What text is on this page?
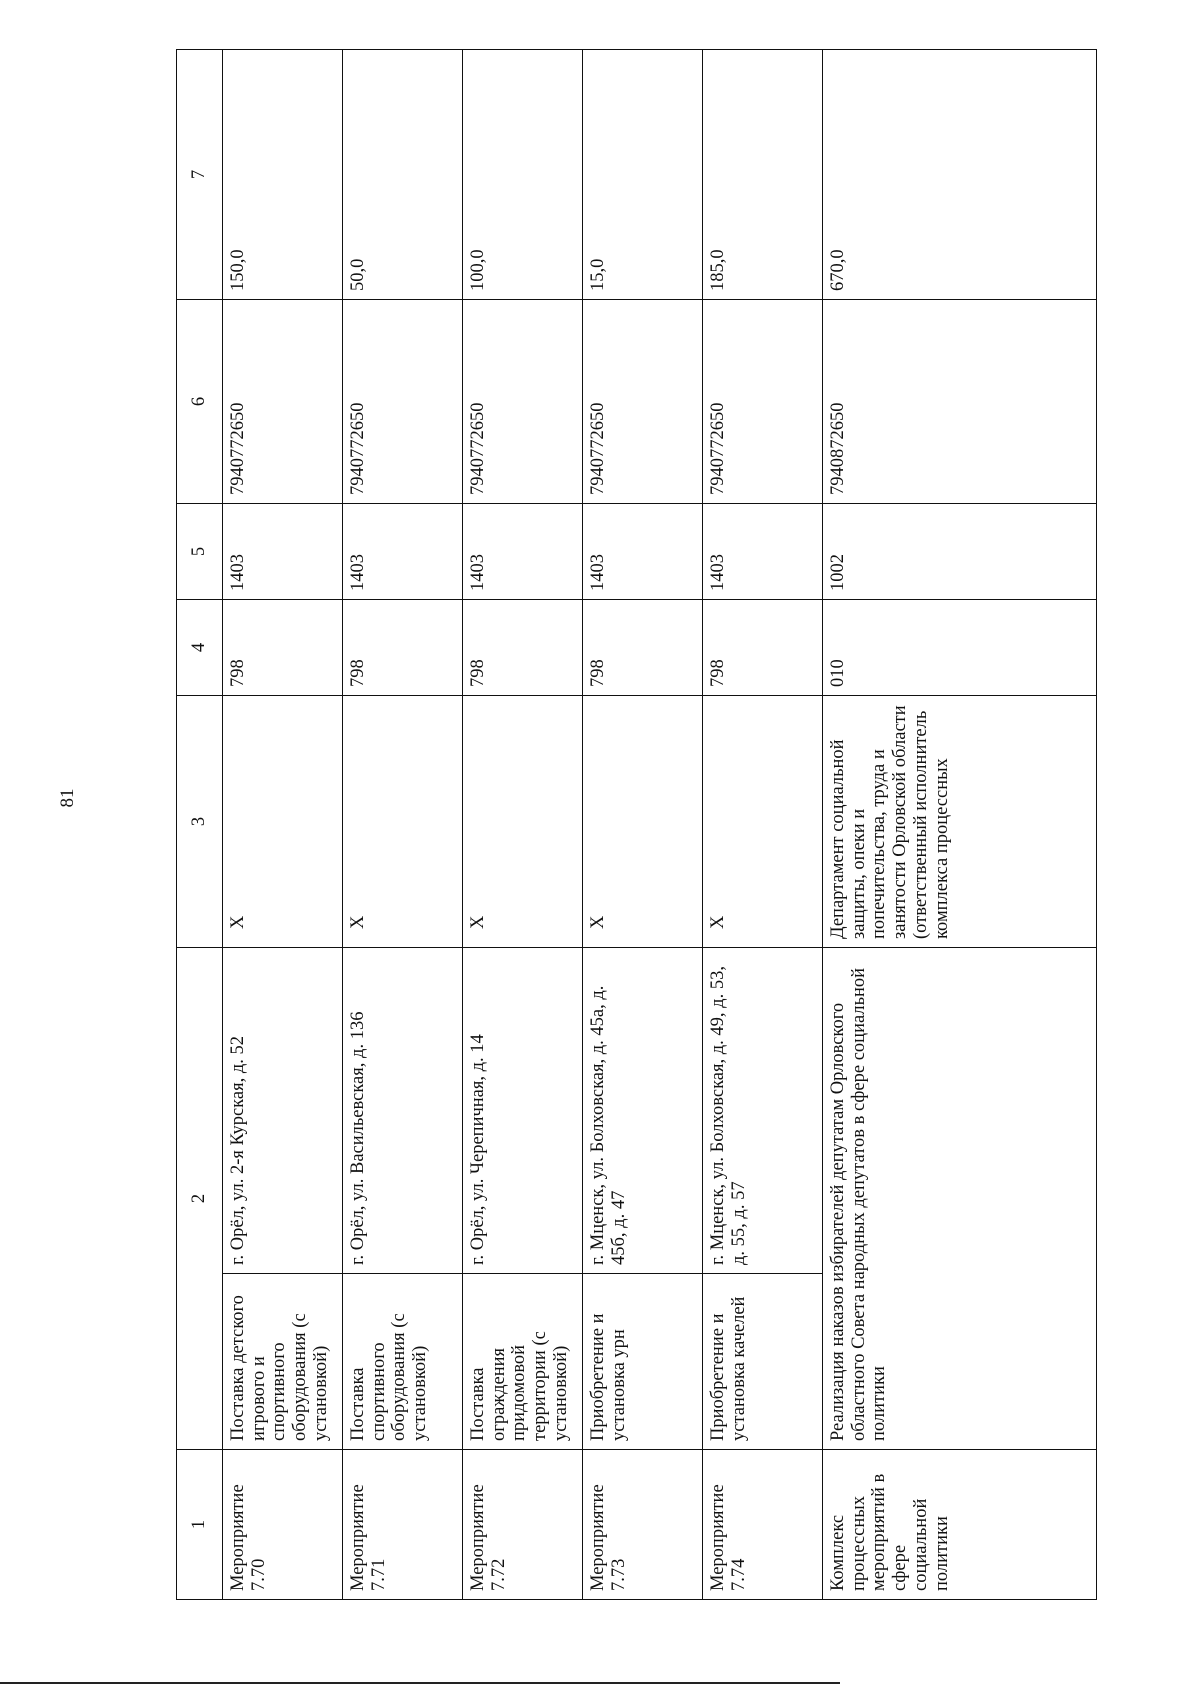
81
1	2		3	4	5	6	7
Мероприятие 7.70	Поставка детского игрового и спортивного оборудования (с установкой)	г. Орёл, ул. 2-я Курская, д. 52	Х	798	1403	7940772650	150,0
Мероприятие 7.71	Поставка спортивного оборудования (с установкой)	г. Орёл, ул. Васильевская, д. 136	Х	798	1403	7940772650	50,0
Мероприятие 7.72	Поставка ограждения придомовой территории (с установкой)	г. Орёл, ул. Черепичная, д. 14	Х	798	1403	7940772650	100,0
Мероприятие 7.73	Приобретение и установка урн	г. Мценск, ул. Болховская, д. 45а, д. 45б, д. 47	Х	798	1403	7940772650	15,0
Мероприятие 7.74	Приобретение и установка качелей	г. Мценск, ул. Болховская, д. 49, д. 53, д. 55, д. 57	Х	798	1403	7940772650	185,0
Комплекс процессных мероприятий в сфере социальной политики	Реализация наказов избирателей депутатам Орловского областного Совета народных депутатов в сфере социальной политики		Департамент социальной защиты, опеки и попечительства, труда и занятости Орловской области (ответственный исполнитель комплекса процессных	010	1002	7940872650	670,0
